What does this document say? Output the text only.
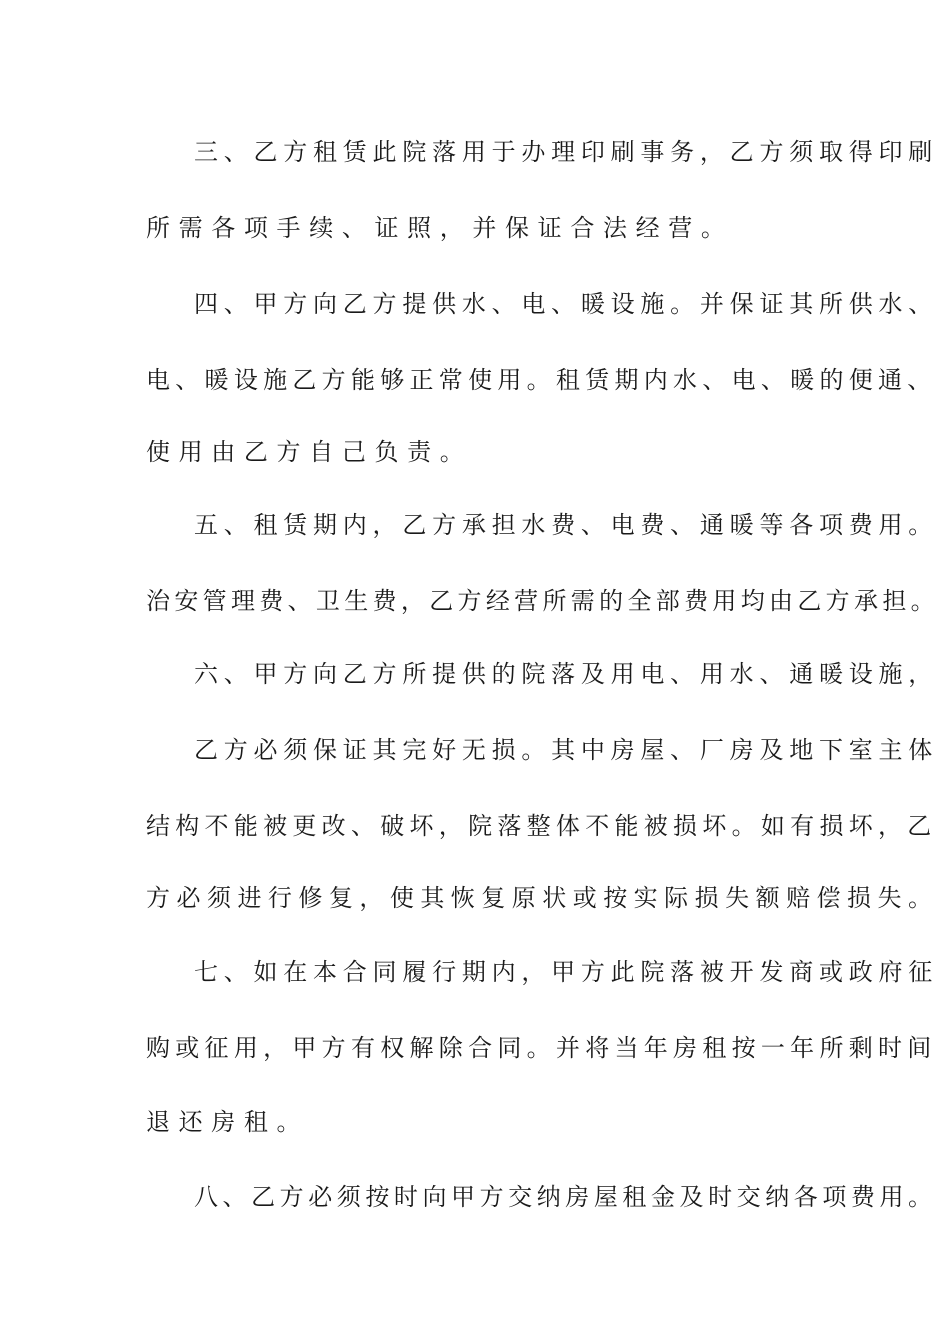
三、乙方租赁此院落用于办理印刷事务，乙方须取得印刷
所需各项手续、证照，并保证合法经营。
四、甲方向乙方提供水、电、暖设施。并保证其所供水、
电、暖设施乙方能够正常使用。租赁期内水、电、暖的便通、
使用由乙方自己负责。
五、租赁期内，乙方承担水费、电费、通暖等各项费用。
治安管理费、卫生费，乙方经营所需的全部费用均由乙方承担。
六、甲方向乙方所提供的院落及用电、用水、通暖设施，
乙方必须保证其完好无损。其中房屋、厂房及地下室主体
结构不能被更改、破坏，院落整体不能被损坏。如有损坏，乙
方必须进行修复，使其恢复原状或按实际损失额赔偿损失。
七、如在本合同履行期内，甲方此院落被开发商或政府征
购或征用，甲方有权解除合同。并将当年房租按一年所剩时间
退还房租。
八、乙方必须按时向甲方交纳房屋租金及时交纳各项费用。
